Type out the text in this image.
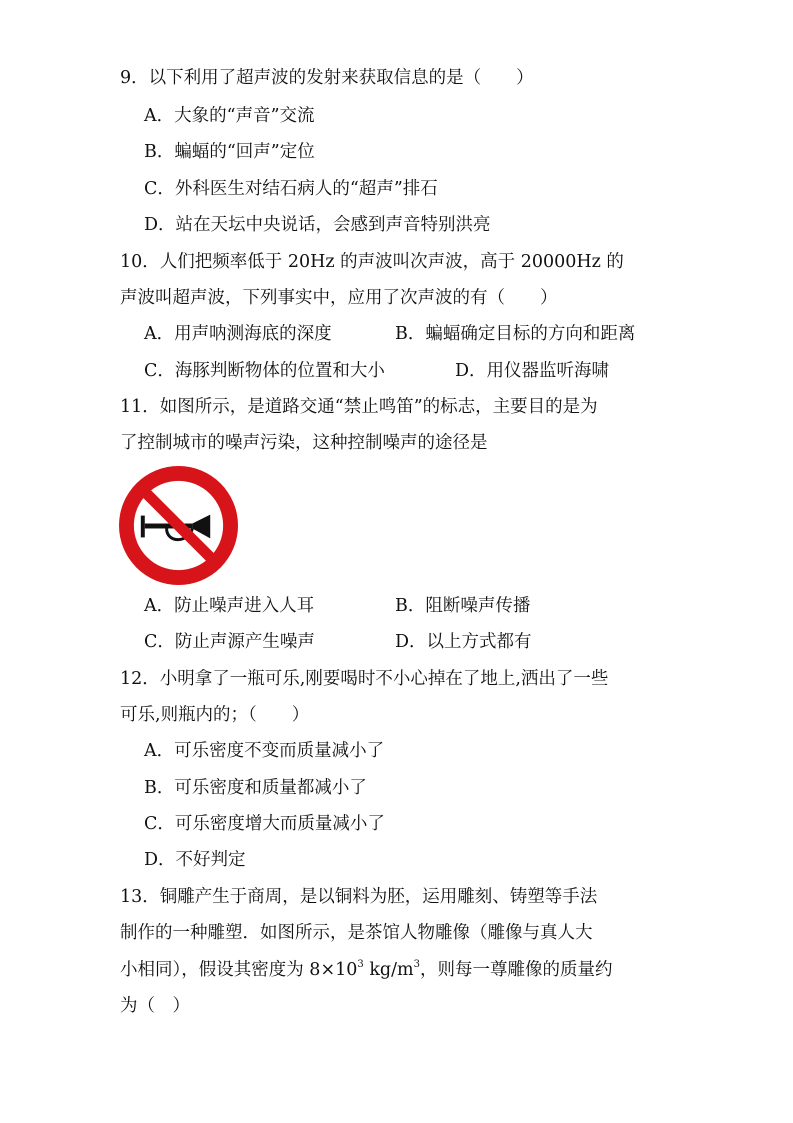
9．以下利用了超声波的发射来获取信息的是（　　）
A．大象的“声音”交流
B．蝙蝠的“回声”定位
C．外科医生对结石病人的“超声”排石
D．站在天坛中央说话，会感到声音特别洪亮
10．人们把频率低于 20Hz 的声波叫次声波，高于 20000Hz 的
声波叫超声波，下列事实中，应用了次声波的有（　　）
A．用声呐测海底的深度	B．蝙蝠确定目标的方向和距离
C．海豚判断物体的位置和大小	D．用仪器监听海啸
11．如图所示，是道路交通“禁止鸣笛”的标志，主要目的是为
了控制城市的噪声污染，这种控制噪声的途径是
A．防止噪声进入人耳	B．阻断噪声传播
C．防止声源产生噪声	D．以上方式都有
12．小明拿了一瓶可乐,刚要喝时不小心掉在了地上,洒出了一些
可乐,则瓶内的；（　　）
A．可乐密度不变而质量减小了
B．可乐密度和质量都减小了
C．可乐密度增大而质量减小了
D．不好判定
13．铜雕产生于商周，是以铜料为胚，运用雕刻、铸塑等手法
制作的一种雕塑．如图所示，是茶馆人物雕像（雕像与真人大
小相同），假设其密度为 $8\times 10^3$ $kg/m^3$，则每一尊雕像的质量约
为（　）
